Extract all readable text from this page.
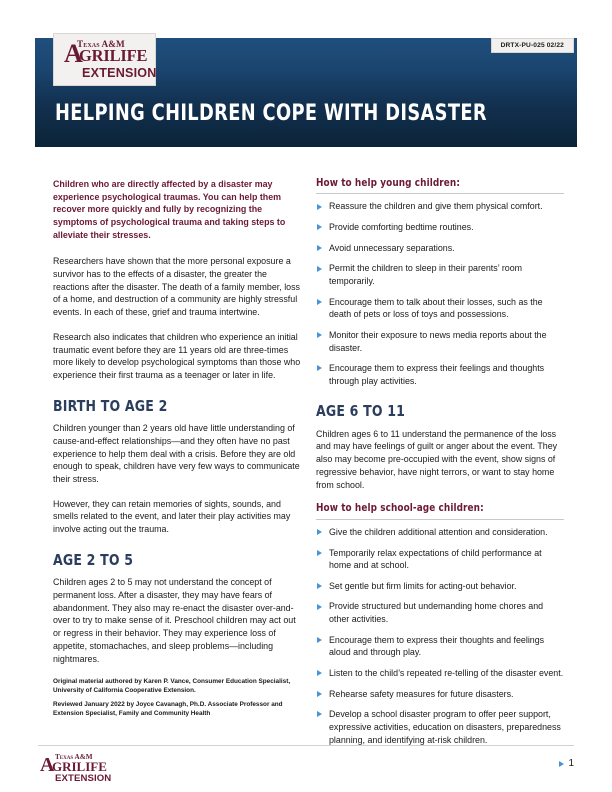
HELPING CHILDREN COPE WITH DISASTER
A
Texas A&M
GRILIFE
EXTENSION
DRTX-PU-025 02/22

Children who are directly affected by a disaster may experience psychological traumas. You can help them recover more quickly and fully by recognizing the symptoms of psychological trauma and taking steps to alleviate their stresses.

Researchers have shown that the more personal exposure a survivor has to the effects of a disaster, the greater the reactions after the disaster. The death of a family member, loss of a home, and destruction of a community are highly stressful events. In each of these, grief and trauma intertwine.

Research also indicates that children who experience an initial traumatic event before they are 11 years old are three-times more likely to develop psychological symptoms than those who experience their first trauma as a teenager or later in life.

BIRTH TO AGE 2

Children younger than 2 years old have little understanding of cause-and-effect relationships—and they often have no past experience to help them deal with a crisis. Before they are old enough to speak, children have very few ways to communicate their stress.

However, they can retain memories of sights, sounds, and smells related to the event, and later their play activities may involve acting out the trauma.

AGE 2 TO 5

Children ages 2 to 5 may not understand the concept of permanent loss. After a disaster, they may have fears of abandonment. They also may re-enact the disaster over-and-over to try to make sense of it. Preschool children may act out or regress in their behavior. They may experience loss of appetite, stomachaches, and sleep problems—including nightmares.

How to help young children:
Reassure the children and give them physical comfort.
Provide comforting bedtime routines.
Avoid unnecessary separations.
Permit the children to sleep in their parents’ room temporarily.
Encourage them to talk about their losses, such as the death of pets or loss of toys and possessions.
Monitor their exposure to news media reports about the disaster.
Encourage them to express their feelings and thoughts through play activities.
AGE 6 TO 11

Children ages 6 to 11 understand the permanence of the loss and may have feelings of guilt or anger about the event. They also may become pre-occupied with the event, show signs of regressive behavior, have night terrors, or want to stay home from school.

How to help school-age children:
Give the children additional attention and consideration.
Temporarily relax expectations of child performance at home and at school.
Set gentle but firm limits for acting-out behavior.
Provide structured but undemanding home chores and other activities.
Encourage them to express their thoughts and feelings aloud and through play.
Listen to the child’s repeated re-telling of the disaster event.
Rehearse safety measures for future disasters.
Develop a school disaster program to offer peer support, expressive activities, education on disasters, preparedness planning, and identifying at-risk children.

Original material authored by Karen P. Vance, Consumer Education Specialist, University of California Cooperative Extension.

Reviewed January 2022 by Joyce Cavanagh, Ph.D. Associate Professor and Extension Specialist, Family and Community Health

A Texas A&M
GRILIFE
EXTENSION
1
